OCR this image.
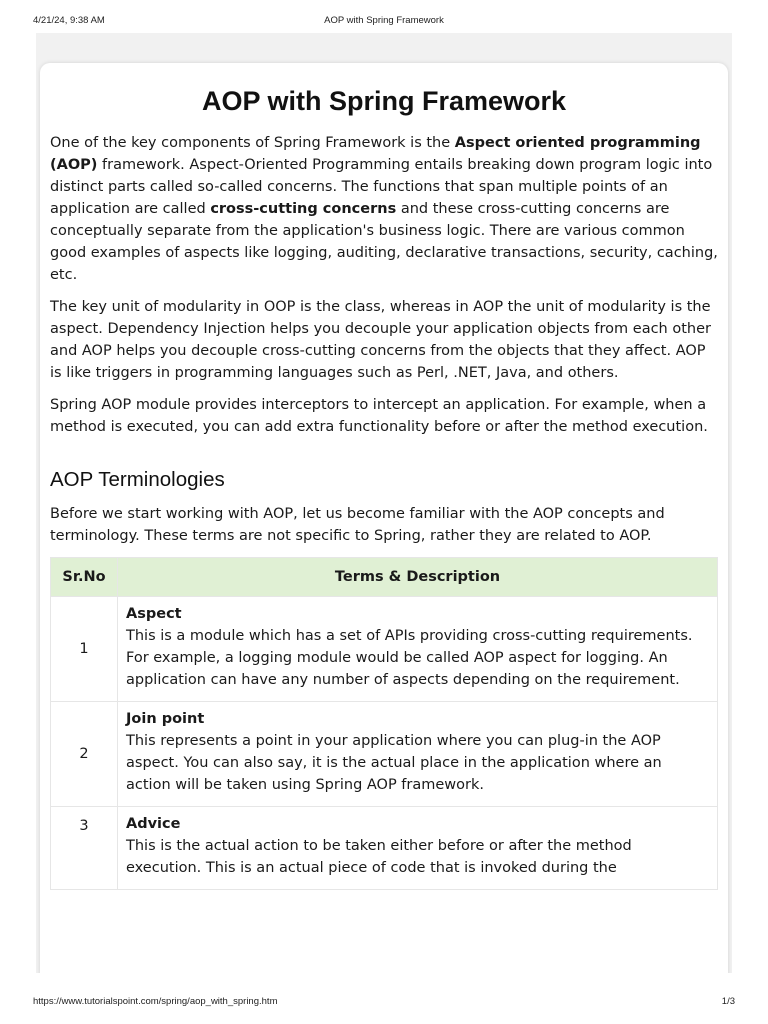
4/21/24, 9:38 AM	AOP with Spring Framework
AOP with Spring Framework

One of the key components of Spring Framework is the Aspect oriented programming (AOP) framework. Aspect-Oriented Programming entails breaking down program logic into distinct parts called so-called concerns. The functions that span multiple points of an application are called cross-cutting concerns and these cross-cutting concerns are conceptually separate from the application's business logic. There are various common good examples of aspects like logging, auditing, declarative transactions, security, caching, etc.

The key unit of modularity in OOP is the class, whereas in AOP the unit of modularity is the aspect. Dependency Injection helps you decouple your application objects from each other and AOP helps you decouple cross-cutting concerns from the objects that they affect. AOP is like triggers in programming languages such as Perl, .NET, Java, and others.

Spring AOP module provides interceptors to intercept an application. For example, when a method is executed, you can add extra functionality before or after the method execution.

AOP Terminologies

Before we start working with AOP, let us become familiar with the AOP concepts and terminology. These terms are not specific to Spring, rather they are related to AOP.

Sr.No	Terms & Description
1	Aspect
This is a module which has a set of APIs providing cross-cutting requirements. For example, a logging module would be called AOP aspect for logging. An application can have any number of aspects depending on the requirement.
2	Join point
This represents a point in your application where you can plug-in the AOP aspect. You can also say, it is the actual place in the application where an action will be taken using Spring AOP framework.
3	Advice
This is the actual action to be taken either before or after the method execution. This is an actual piece of code that is invoked during the
https://www.tutorialspoint.com/spring/aop_with_spring.htm	1/3
